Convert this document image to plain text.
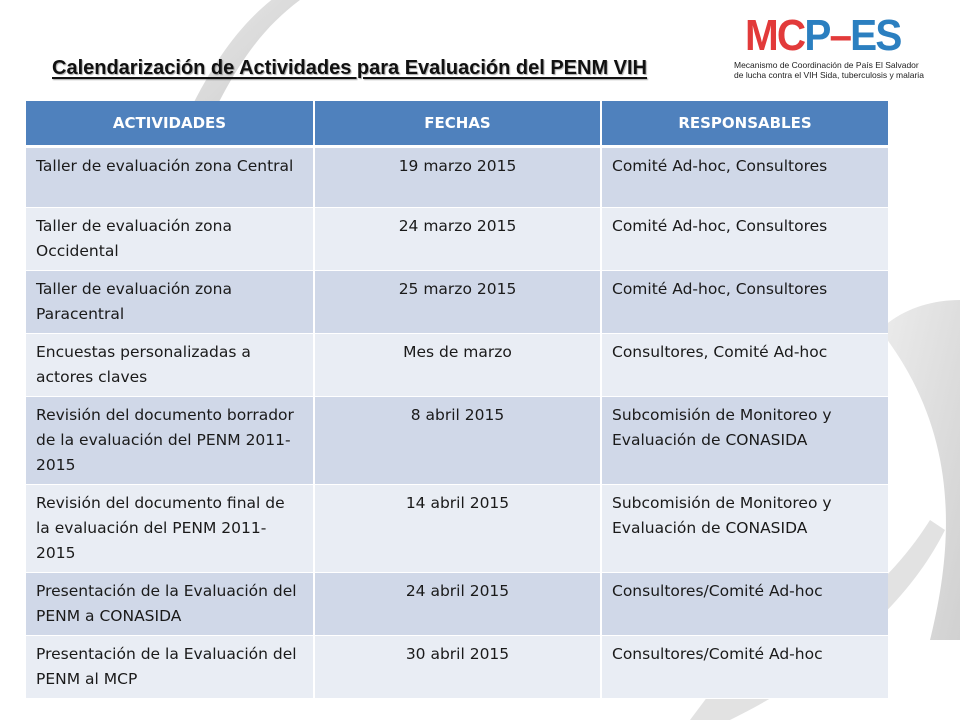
Calendarización de Actividades para Evaluación del PENM VIH
MCP–ES
Mecanismo de Coordinación de País El Salvador
de lucha contra el VIH Sida, tuberculosis y malaria
ACTIVIDADES	FECHAS	RESPONSABLES
Taller de evaluación zona Central	19 marzo 2015	Comité Ad-hoc, Consultores
Taller de evaluación zona Occidental	24 marzo 2015	Comité Ad-hoc, Consultores
Taller de evaluación zona Paracentral	25 marzo 2015	Comité Ad-hoc, Consultores
Encuestas personalizadas a actores claves	Mes de marzo	Consultores, Comité Ad-hoc
Revisión del documento borrador de la evaluación del PENM 2011-2015	8 abril 2015	Subcomisión de Monitoreo y Evaluación de CONASIDA
Revisión del documento final de la evaluación del PENM 2011-2015	14 abril 2015	Subcomisión de Monitoreo y Evaluación de CONASIDA
Presentación de la Evaluación del PENM a CONASIDA	24 abril 2015	Consultores/Comité Ad-hoc
Presentación de la Evaluación del PENM al MCP	30 abril 2015	Consultores/Comité Ad-hoc
